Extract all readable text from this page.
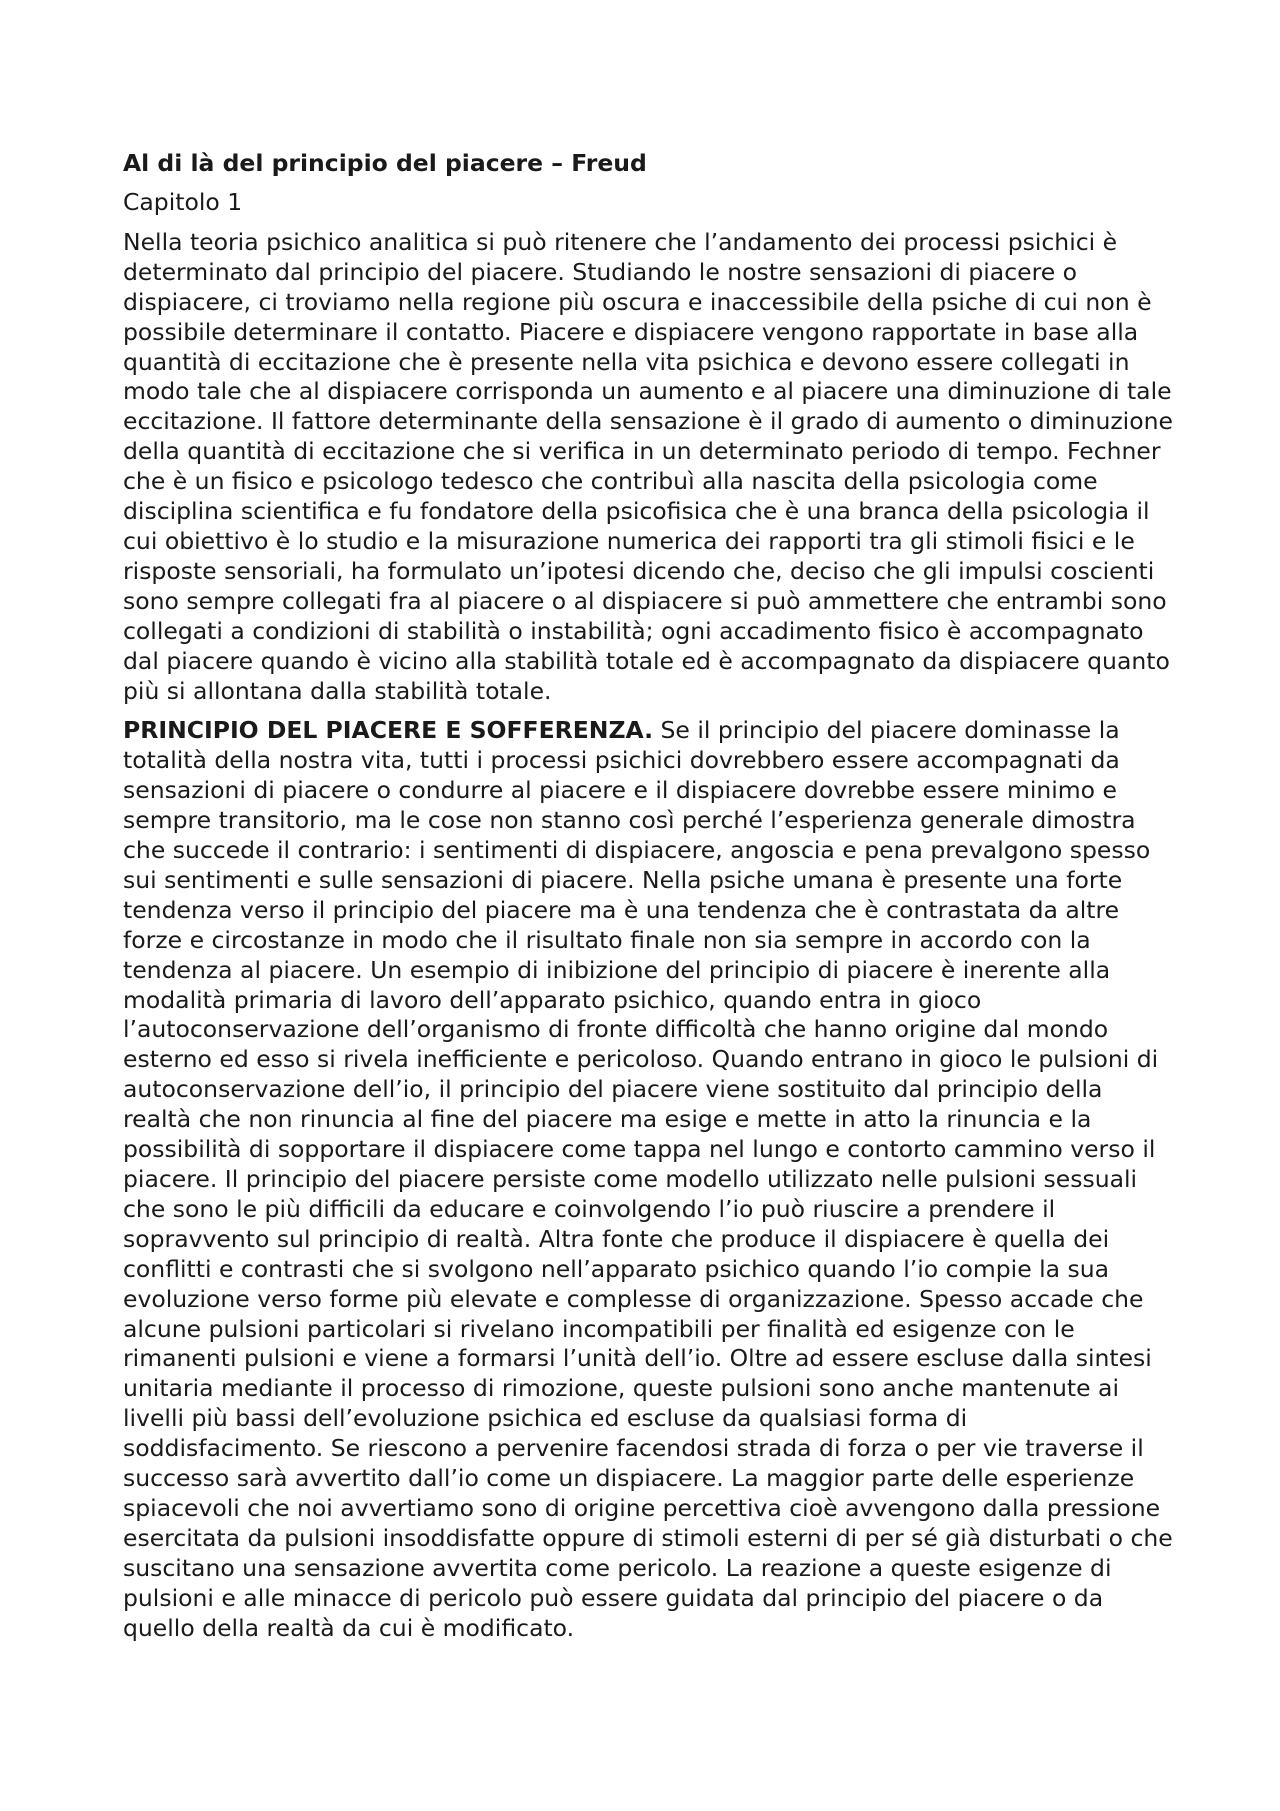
Al di là del principio del piacere – Freud

Capitolo 1

Nella teoria psichico analitica si può ritenere che l’andamento dei processi psichici è determinato dal principio del piacere. Studiando le nostre sensazioni di piacere o dispiacere, ci troviamo nella regione più oscura e inaccessibile della psiche di cui non è possibile determinare il contatto. Piacere e dispiacere vengono rapportate in base alla quantità di eccitazione che è presente nella vita psichica e devono essere collegati in modo tale che al dispiacere corrisponda un aumento e al piacere una diminuzione di tale eccitazione. Il fattore determinante della sensazione è il grado di aumento o diminuzione della quantità di eccitazione che si verifica in un determinato periodo di tempo. Fechner che è un fisico e psicologo tedesco che contribuì alla nascita della psicologia come disciplina scientifica e fu fondatore della psicofisica che è una branca della psicologia il cui obiettivo è lo studio e la misurazione numerica dei rapporti tra gli stimoli fisici e le risposte sensoriali, ha formulato un’ipotesi dicendo che, deciso che gli impulsi coscienti sono sempre collegati fra al piacere o al dispiacere si può ammettere che entrambi sono collegati a condizioni di stabilità o instabilità; ogni accadimento fisico è accompagnato dal piacere quando è vicino alla stabilità totale ed è accompagnato da dispiacere quanto più si allontana dalla stabilità totale.

PRINCIPIO DEL PIACERE E SOFFERENZA. Se il principio del piacere dominasse la totalità della nostra vita, tutti i processi psichici dovrebbero essere accompagnati da sensazioni di piacere o condurre al piacere e il dispiacere dovrebbe essere minimo e sempre transitorio, ma le cose non stanno così perché l’esperienza generale dimostra che succede il contrario: i sentimenti di dispiacere, angoscia e pena prevalgono spesso sui sentimenti e sulle sensazioni di piacere. Nella psiche umana è presente una forte tendenza verso il principio del piacere ma è una tendenza che è contrastata da altre forze e circostanze in modo che il risultato finale non sia sempre in accordo con la tendenza al piacere. Un esempio di inibizione del principio di piacere è inerente alla modalità primaria di lavoro dell’apparato psichico, quando entra in gioco l’autoconservazione dell’organismo di fronte difficoltà che hanno origine dal mondo esterno ed esso si rivela inefficiente e pericoloso. Quando entrano in gioco le pulsioni di autoconservazione dell’io, il principio del piacere viene sostituito dal principio della realtà che non rinuncia al fine del piacere ma esige e mette in atto la rinuncia e la possibilità di sopportare il dispiacere come tappa nel lungo e contorto cammino verso il piacere. Il principio del piacere persiste come modello utilizzato nelle pulsioni sessuali che sono le più difficili da educare e coinvolgendo l’io può riuscire a prendere il sopravvento sul principio di realtà. Altra fonte che produce il dispiacere è quella dei conflitti e contrasti che si svolgono nell’apparato psichico quando l’io compie la sua evoluzione verso forme più elevate e complesse di organizzazione. Spesso accade che alcune pulsioni particolari si rivelano incompatibili per finalità ed esigenze con le rimanenti pulsioni e viene a formarsi l’unità dell’io. Oltre ad essere escluse dalla sintesi unitaria mediante il processo di rimozione, queste pulsioni sono anche mantenute ai livelli più bassi dell’evoluzione psichica ed escluse da qualsiasi forma di soddisfacimento. Se riescono a pervenire facendosi strada di forza o per vie traverse il successo sarà avvertito dall’io come un dispiacere. La maggior parte delle esperienze spiacevoli che noi avvertiamo sono di origine percettiva cioè avvengono dalla pressione esercitata da pulsioni insoddisfatte oppure di stimoli esterni di per sé già disturbati o che suscitano una sensazione avvertita come pericolo. La reazione a queste esigenze di pulsioni e alle minacce di pericolo può essere guidata dal principio del piacere o da quello della realtà da cui è modificato.
